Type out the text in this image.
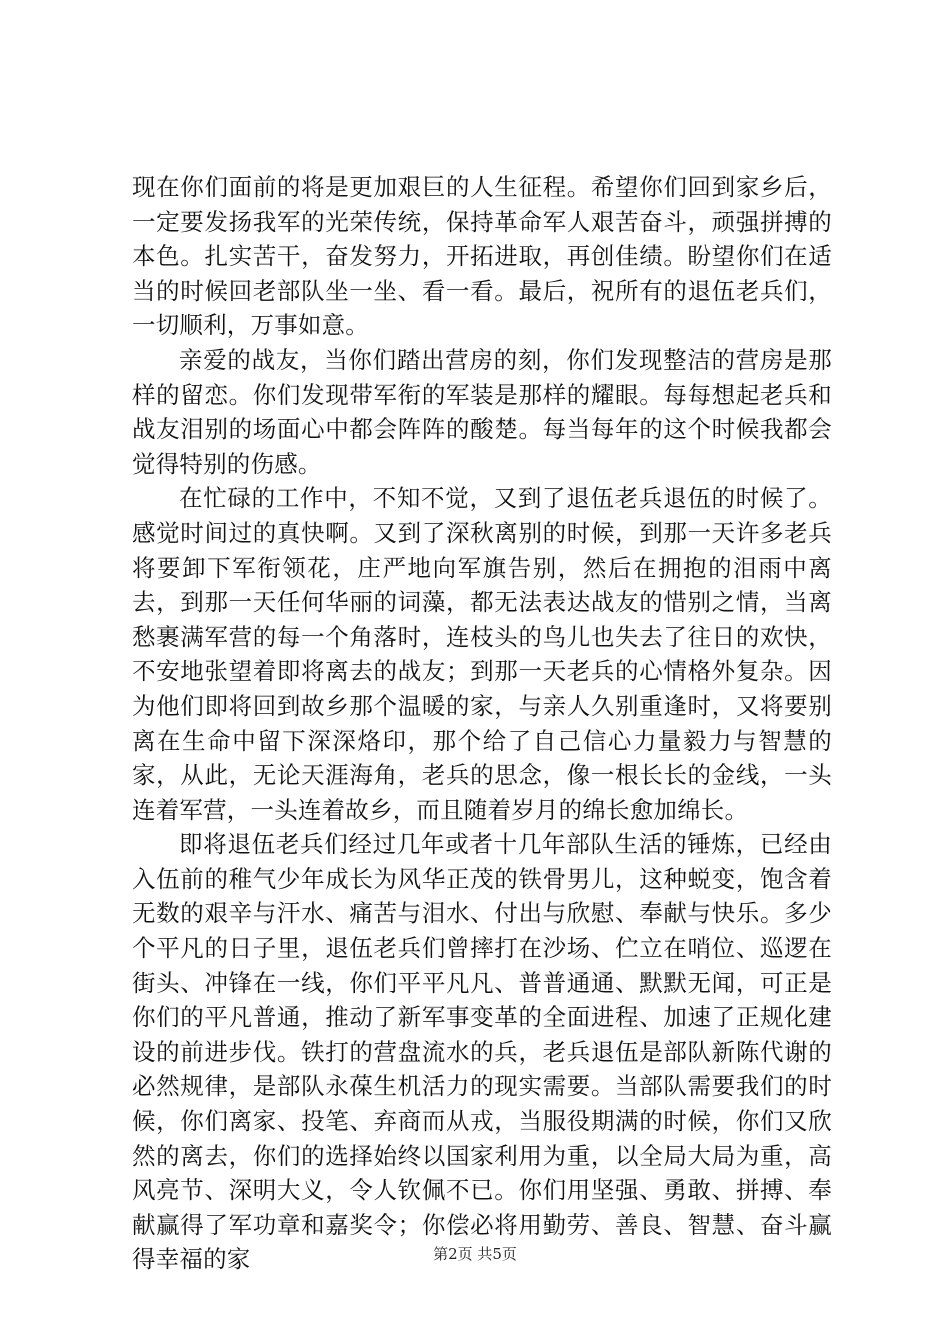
现在你们面前的将是更加艰巨的人生征程。希望你们回到家乡后，一定要发扬我军的光荣传统，保持革命军人艰苦奋斗，顽强拼搏的本色。扎实苦干，奋发努力，开拓进取，再创佳绩。盼望你们在适当的时候回老部队坐一坐、看一看。最后，祝所有的退伍老兵们，一切顺利，万事如意。

亲爱的战友，当你们踏出营房的刻，你们发现整洁的营房是那样的留恋。你们发现带军衔的军装是那样的耀眼。每每想起老兵和战友泪别的场面心中都会阵阵的酸楚。每当每年的这个时候我都会觉得特别的伤感。

在忙碌的工作中，不知不觉，又到了退伍老兵退伍的时候了。感觉时间过的真快啊。又到了深秋离别的时候，到那一天许多老兵将要卸下军衔领花，庄严地向军旗告别，然后在拥抱的泪雨中离去，到那一天任何华丽的词藻，都无法表达战友的惜别之情，当离愁裹满军营的每一个角落时，连枝头的鸟儿也失去了往日的欢快，不安地张望着即将离去的战友；到那一天老兵的心情格外复杂。因为他们即将回到故乡那个温暖的家，与亲人久别重逢时，又将要别离在生命中留下深深烙印，那个给了自己信心力量毅力与智慧的家，从此，无论天涯海角，老兵的思念，像一根长长的金线，一头连着军营，一头连着故乡，而且随着岁月的绵长愈加绵长。

即将退伍老兵们经过几年或者十几年部队生活的锤炼，已经由入伍前的稚气少年成长为风华正茂的铁骨男儿，这种蜕变，饱含着无数的艰辛与汗水、痛苦与泪水、付出与欣慰、奉献与快乐。多少个平凡的日子里，退伍老兵们曾摔打在沙场、伫立在哨位、巡逻在街头、冲锋在一线，你们平平凡凡、普普通通、默默无闻，可正是你们的平凡普通，推动了新军事变革的全面进程、加速了正规化建设的前进步伐。铁打的营盘流水的兵，老兵退伍是部队新陈代谢的必然规律，是部队永葆生机活力的现实需要。当部队需要我们的时候，你们离家、投笔、弃商而从戎，当服役期满的时候，你们又欣然的离去，你们的选择始终以国家利用为重，以全局大局为重，高风亮节、深明大义，令人钦佩不已。你们用坚强、勇敢、拼搏、奉献赢得了军功章和嘉奖令；你偿必将用勤劳、善良、智慧、奋斗赢得幸福的家	第2页 共5页
